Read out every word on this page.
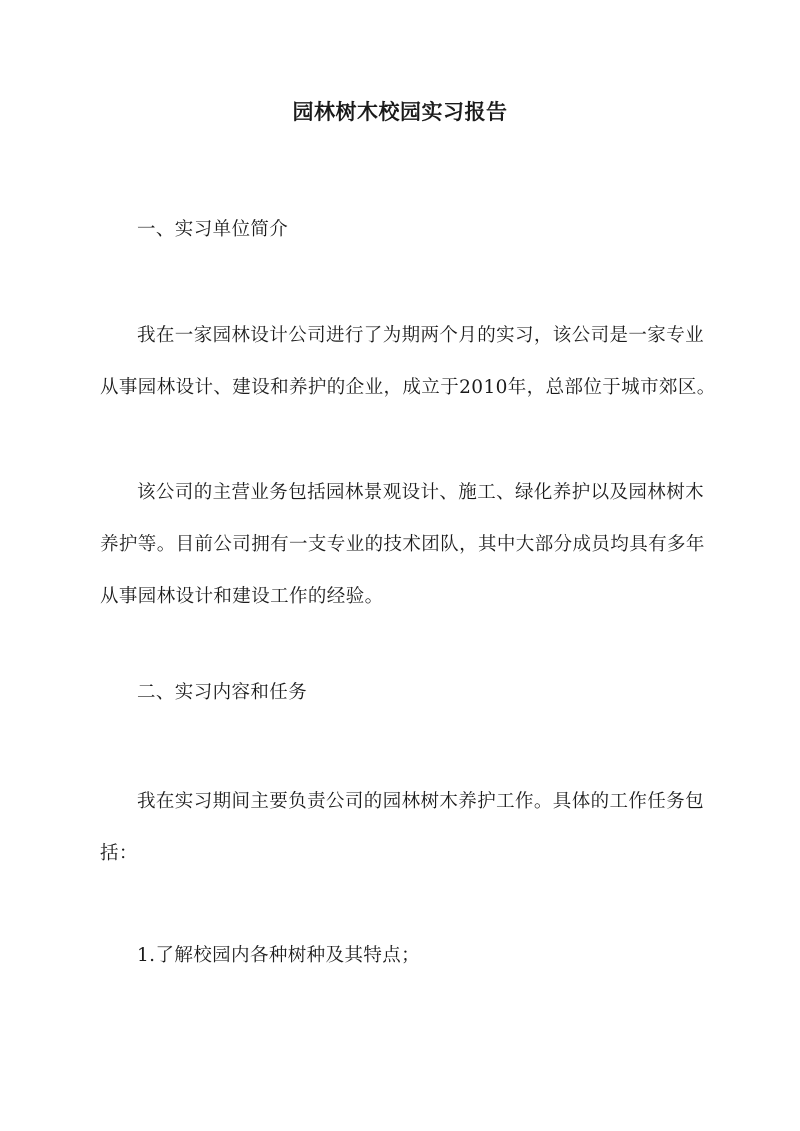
园林树木校园实习报告
一、实习单位简介
我在一家园林设计公司进行了为期两个月的实习，该公司是一家专业
从事园林设计、建设和养护的企业，成立于2010年，总部位于城市郊区。
该公司的主营业务包括园林景观设计、施工、绿化养护以及园林树木
养护等。目前公司拥有一支专业的技术团队，其中大部分成员均具有多年
从事园林设计和建设工作的经验。
二、实习内容和任务
我在实习期间主要负责公司的园林树木养护工作。具体的工作任务包
括：
1.了解校园内各种树种及其特点；
